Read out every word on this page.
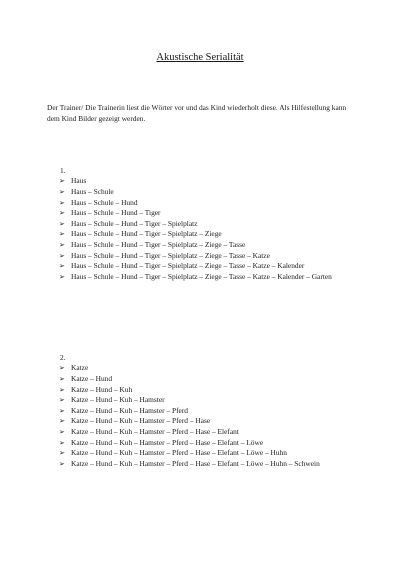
Akustische Serialität
Der Trainer/ Die Trainerin liest die Wörter vor und das Kind wiederholt diese. Als Hilfestellung kann dem Kind Bilder gezeigt werden.
1.
➢ Haus
➢ Haus – Schule
➢ Haus – Schule – Hund
➢ Haus – Schule – Hund – Tiger
➢ Haus – Schule – Hund – Tiger – Spielplatz
➢ Haus – Schule – Hund – Tiger – Spielplatz – Ziege
➢ Haus – Schule – Hund – Tiger – Spielplatz – Ziege – Tasse
➢ Haus – Schule – Hund – Tiger – Spielplatz – Ziege – Tasse – Katze
➢ Haus – Schule – Hund – Tiger – Spielplatz – Ziege – Tasse – Katze – Kalender
➢ Haus – Schule – Hund – Tiger – Spielplatz – Ziege – Tasse – Katze – Kalender – Garten
2.
➢ Katze
➢ Katze – Hund
➢ Katze – Hund – Kuh
➢ Katze – Hund – Kuh – Hamster
➢ Katze – Hund – Kuh – Hamster – Pferd
➢ Katze – Hund – Kuh – Hamster – Pferd – Hase
➢ Katze – Hund – Kuh – Hamster – Pferd – Hase – Elefant
➢ Katze – Hund – Kuh – Hamster – Pferd – Hase – Elefant – Löwe
➢ Katze – Hund – Kuh – Hamster – Pferd – Hase – Elefant – Löwe – Huhn
➢ Katze – Hund – Kuh – Hamster – Pferd – Hase – Elefant – Löwe – Huhn – Schwein
